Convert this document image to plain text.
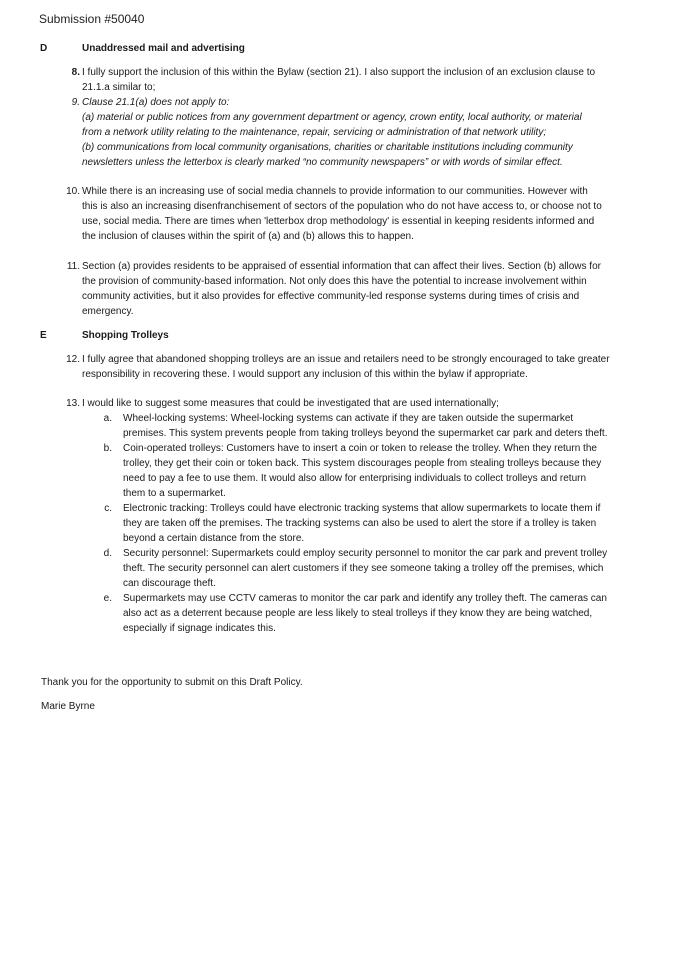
Submission #50040
D	Unaddressed mail and advertising
8. I fully support the inclusion of this within the Bylaw (section 21). I also support the inclusion of an exclusion clause to

21.1.a similar to;

9. Clause 21.1(a) does not apply to:

(a) material or public notices from any government department or agency, crown entity, local authority, or material

from a network utility relating to the maintenance, repair, servicing or administration of that network utility;

(b) communications from local community organisations, charities or charitable institutions including community

newsletters unless the letterbox is clearly marked “no community newspapers” or with words of similar effect.

10. While there is an increasing use of social media channels to provide information to our communities. However with

this is also an increasing disenfranchisement of sectors of the population who do not have access to, or choose not to

use, social media. There are times when 'letterbox drop methodology' is essential in keeping residents informed and

the inclusion of clauses within the spirit of (a) and (b) allows this to happen.

11. Section (a) provides residents to be appraised of essential information that can affect their lives. Section (b) allows for

the provision of community-based information. Not only does this have the potential to increase involvement within

community activities, but it also provides for effective community-led response systems during times of crisis and

emergency.

E	Shopping Trolleys
12. I fully agree that abandoned shopping trolleys are an issue and retailers need to be strongly encouraged to take greater

responsibility in recovering these. I would support any inclusion of this within the bylaw if appropriate.

13. I would like to suggest some measures that could be investigated that are used internationally;

a. Wheel-locking systems: Wheel-locking systems can activate if they are taken outside the supermarket
premises. This system prevents people from taking trolleys beyond the supermarket car park and deters theft.
b. Coin-operated trolleys: Customers have to insert a coin or token to release the trolley. When they return the
trolley, they get their coin or token back. This system discourages people from stealing trolleys because they
need to pay a fee to use them. It would also allow for enterprising individuals to collect trolleys and return
them to a supermarket.
c. Electronic tracking: Trolleys could have electronic tracking systems that allow supermarkets to locate them if
they are taken off the premises. The tracking systems can also be used to alert the store if a trolley is taken
beyond a certain distance from the store.
d. Security personnel: Supermarkets could employ security personnel to monitor the car park and prevent trolley
theft. The security personnel can alert customers if they see someone taking a trolley off the premises, which
can discourage theft.
e. Supermarkets may use CCTV cameras to monitor the car park and identify any trolley theft. The cameras can
also act as a deterrent because people are less likely to steal trolleys if they know they are being watched,
especially if signage indicates this.
Thank you for the opportunity to submit on this Draft Policy.
Marie Byrne
